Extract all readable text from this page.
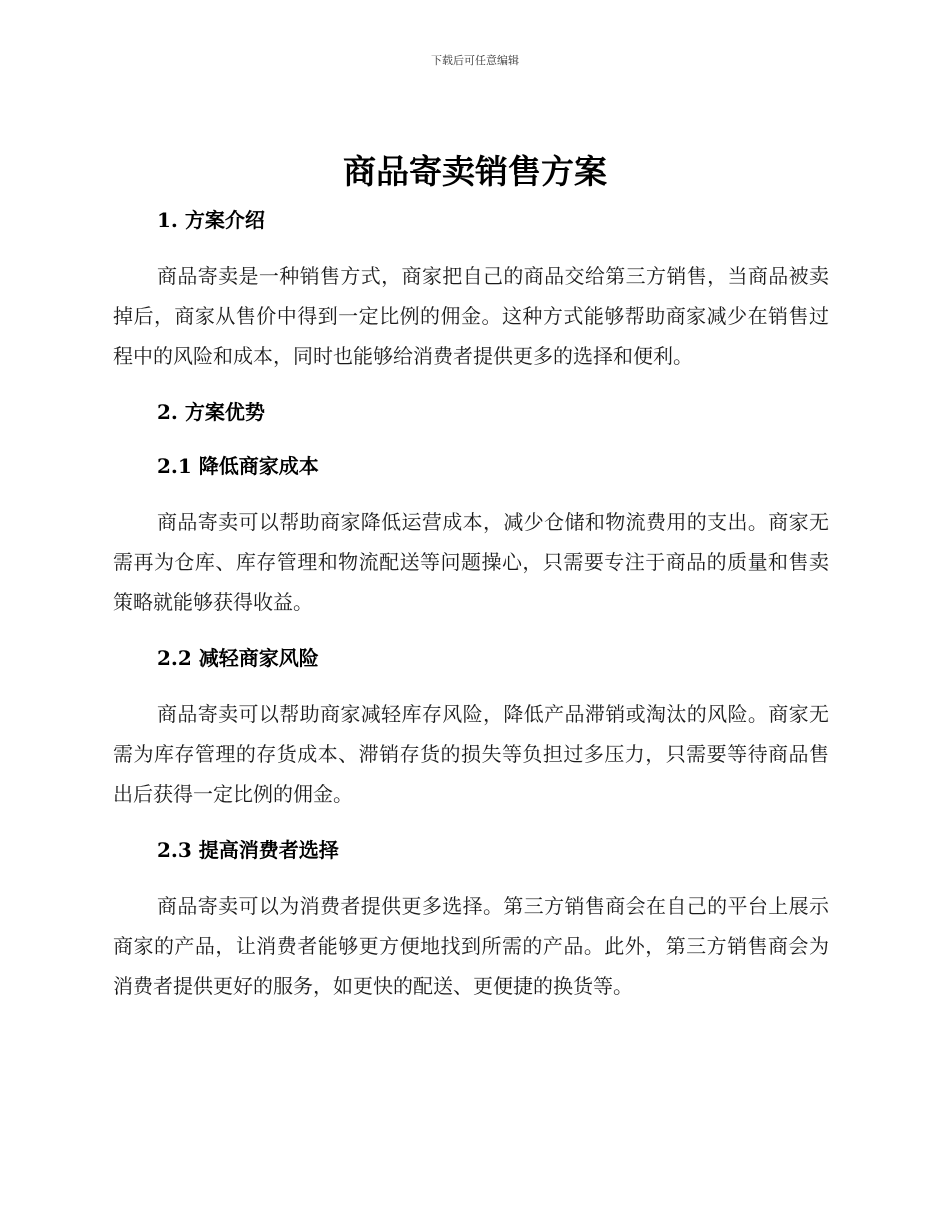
下载后可任意编辑
商品寄卖销售方案

1. 方案介绍

商品寄卖是一种销售方式，商家把自己的商品交给第三方销售，当商品被卖掉后，商家从售价中得到一定比例的佣金。这种方式能够帮助商家减少在销售过程中的风险和成本，同时也能够给消费者提供更多的选择和便利。

2. 方案优势

2.1 降低商家成本

商品寄卖可以帮助商家降低运营成本，减少仓储和物流费用的支出。商家无需再为仓库、库存管理和物流配送等问题操心，只需要专注于商品的质量和售卖策略就能够获得收益。

2.2 减轻商家风险

商品寄卖可以帮助商家减轻库存风险，降低产品滞销或淘汰的风险。商家无需为库存管理的存货成本、滞销存货的损失等负担过多压力，只需要等待商品售出后获得一定比例的佣金。

2.3 提高消费者选择

商品寄卖可以为消费者提供更多选择。第三方销售商会在自己的平台上展示商家的产品，让消费者能够更方便地找到所需的产品。此外，第三方销售商会为消费者提供更好的服务，如更快的配送、更便捷的换货等。
